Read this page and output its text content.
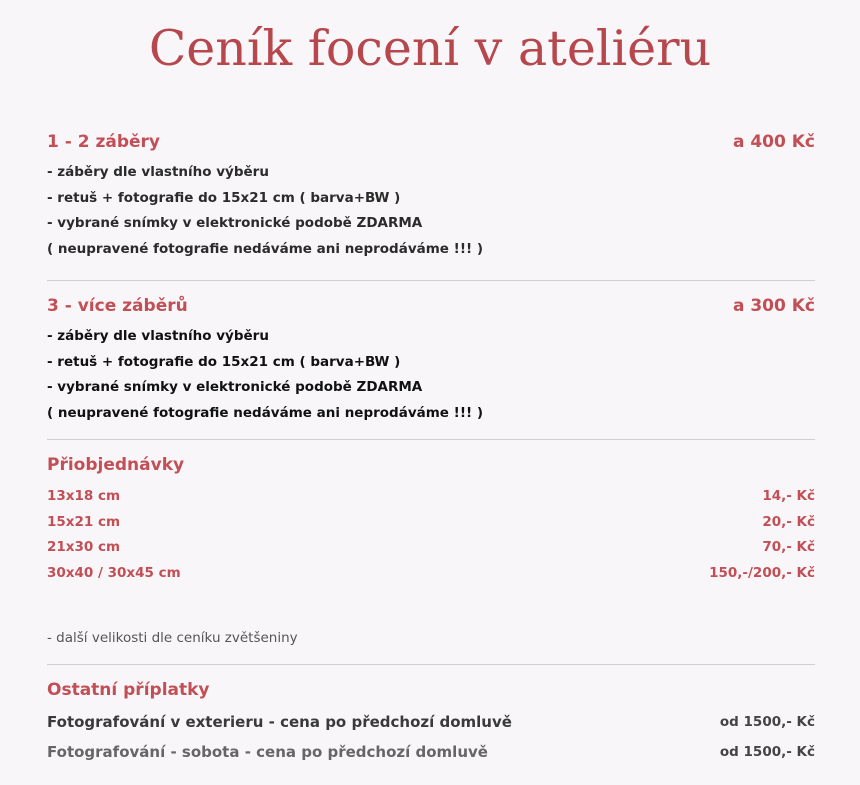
Ceník focení v ateliéru
1 - 2 záběry	a 400 Kč
- záběry dle vlastního výběru
- retuš + fotografie do 15x21 cm ( barva+BW )
- vybrané snímky v elektronické podobě ZDARMA
( neupravené fotografie nedáváme ani neprodáváme !!! )
3 - více záběrů	a 300 Kč
- záběry dle vlastního výběru
- retuš + fotografie do 15x21 cm ( barva+BW )
- vybrané snímky v elektronické podobě ZDARMA
( neupravené fotografie nedáváme ani neprodáváme !!! )
Přiobjednávky
13x18 cm	14,- Kč
15x21 cm	20,- Kč
21x30 cm	70,- Kč
30x40 / 30x45 cm	150,-/200,- Kč
- další velikosti dle ceníku zvětšeniny
Ostatní příplatky
Fotografování v exterieru - cena po předchozí domluvě	od 1500,- Kč
Fotografování - sobota - cena po předchozí domluvě	od 1500,- Kč
